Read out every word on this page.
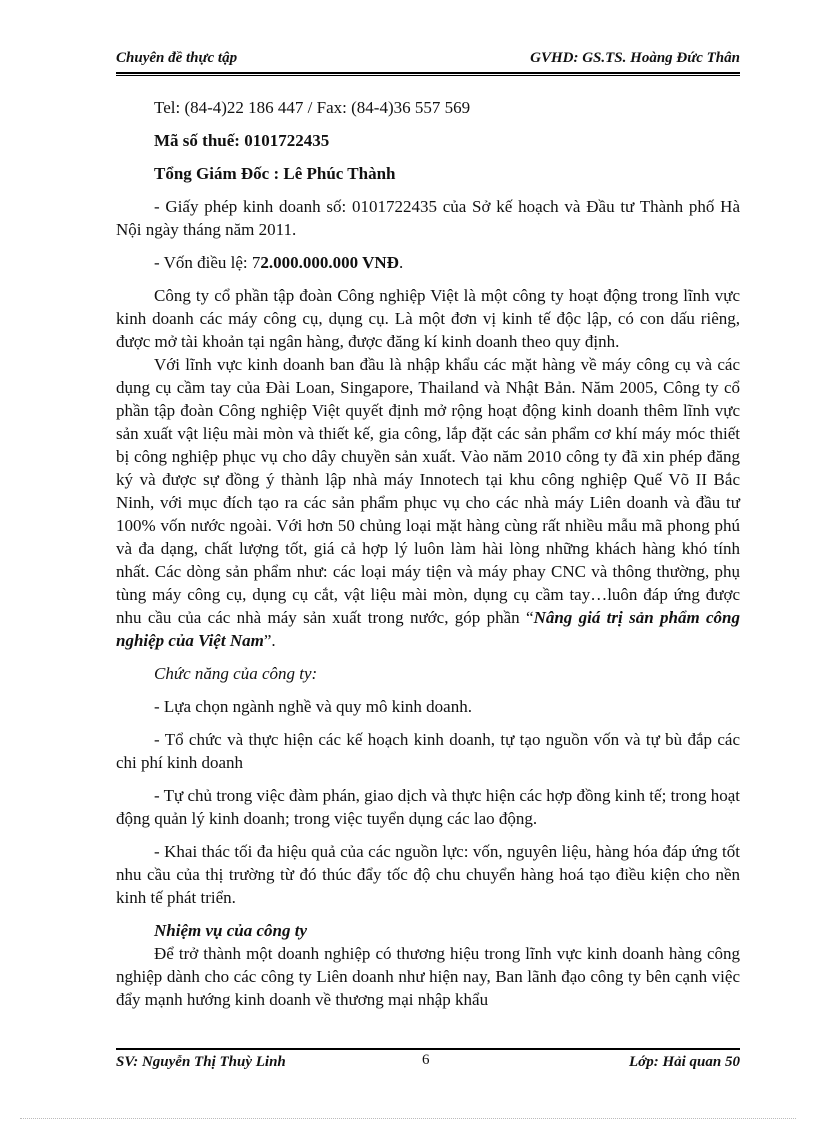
Chuyên đề thực tập	GVHD: GS.TS. Hoàng Đức Thân

Tel: (84-4)22 186 447 / Fax: (84-4)36 557 569

Mã số thuế: 0101722435

Tổng Giám Đốc : Lê Phúc Thành

- Giấy phép kinh doanh số: 0101722435 của Sở kế hoạch và Đầu tư Thành phố Hà Nội ngày tháng năm 2011.

- Vốn điều lệ: 72.000.000.000 VNĐ.

Công ty cổ phần tập đoàn Công nghiệp Việt là một công ty hoạt động trong lĩnh vực kinh doanh các máy công cụ, dụng cụ. Là một đơn vị kinh tế độc lập, có con dấu riêng, được mở tài khoản tại ngân hàng, được đăng kí kinh doanh theo quy định.

Với lĩnh vực kinh doanh ban đầu là nhập khẩu các mặt hàng về máy công cụ và các dụng cụ cầm tay của Đài Loan, Singapore, Thailand và Nhật Bản. Năm 2005, Công ty cổ phần tập đoàn Công nghiệp Việt quyết định mở rộng hoạt động kinh doanh thêm lĩnh vực sản xuất vật liệu mài mòn và thiết kế, gia công, lắp đặt các sản phẩm cơ khí máy móc thiết bị công nghiệp phục vụ cho dây chuyền sản xuất. Vào năm 2010 công ty đã xin phép đăng ký và được sự đồng ý thành lập nhà máy Innotech tại khu công nghiệp Quế Võ II Bắc Ninh, với mục đích tạo ra các sản phẩm phục vụ cho các nhà máy Liên doanh và đầu tư 100% vốn nước ngoài. Với hơn 50 chủng loại mặt hàng cùng rất nhiều mẫu mã phong phú và đa dạng, chất lượng tốt, giá cả hợp lý luôn làm hài lòng những khách hàng khó tính nhất. Các dòng sản phẩm như: các loại máy tiện và máy phay CNC và thông thường, phụ tùng máy công cụ, dụng cụ cắt, vật liệu mài mòn, dụng cụ cầm tay…luôn đáp ứng được nhu cầu của các nhà máy sản xuất trong nước, góp phần “Nâng giá trị sản phẩm công nghiệp của Việt Nam”.

Chức năng của công ty:

- Lựa chọn ngành nghề và quy mô kinh doanh.

- Tổ chức và thực hiện các kế hoạch kinh doanh, tự tạo nguồn vốn và tự bù đắp các chi phí kinh doanh

- Tự chủ trong việc đàm phán, giao dịch và thực hiện các hợp đồng kinh tế; trong hoạt động quản lý kinh doanh; trong việc tuyển dụng các lao động.

- Khai thác tối đa hiệu quả của các nguồn lực: vốn, nguyên liệu, hàng hóa đáp ứng tốt nhu cầu của thị trường từ đó thúc đẩy tốc độ chu chuyển hàng hoá tạo điều kiện cho nền kinh tế phát triển.

Nhiệm vụ của công ty

Để trở thành một doanh nghiệp có thương hiệu trong lĩnh vực kinh doanh hàng công nghiệp dành cho các công ty Liên doanh như hiện nay, Ban lãnh đạo công ty bên cạnh việc đẩy mạnh hướng kinh doanh về thương mại nhập khẩu

SV: Nguyễn Thị Thuỳ Linh	6	Lớp: Hải quan 50
